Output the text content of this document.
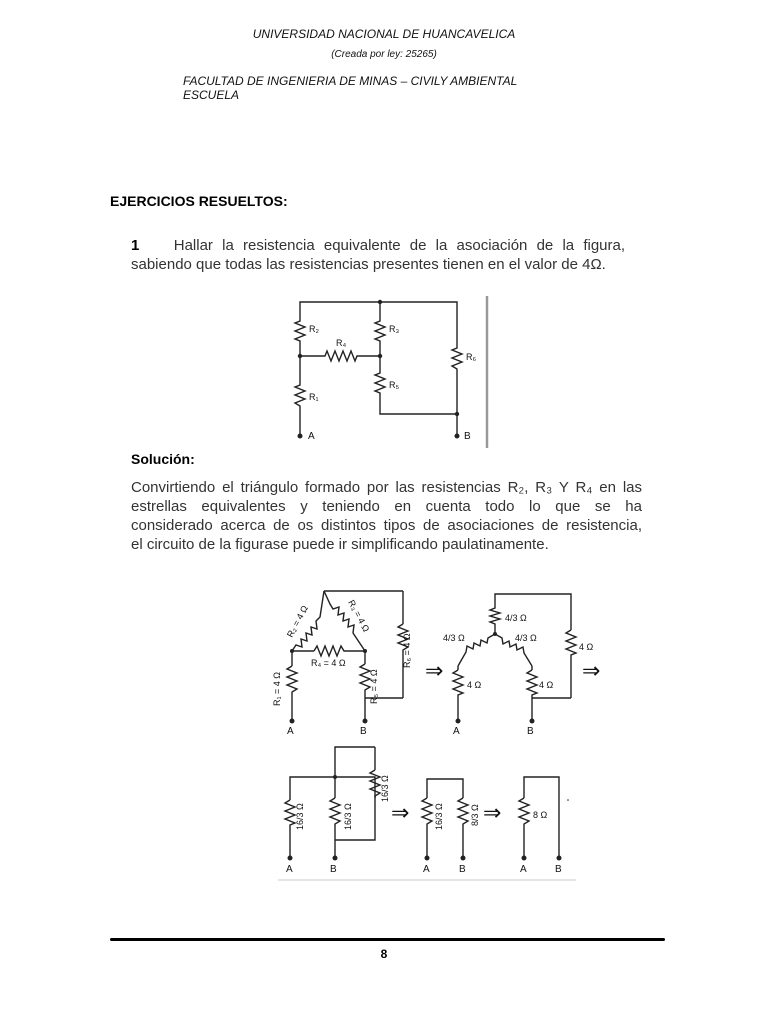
UNIVERSIDAD NACIONAL DE HUANCAVELICA
(Creada por ley: 25265)
FACULTAD DE INGENIERIA DE MINAS – CIVILY AMBIENTAL
ESCUELA
EJERCICIOS RESUELTOS:
1 Hallar la resistencia equivalente de la asociación de la figura,
sabiendo que todas las resistencias presentes tienen en el valor de 4Ω.
R₂	R₃
R₄
R₁
R₅
R₆
A	B
Solución:
Convirtiendo el triángulo formado por las resistencias R₂, R₃ Y R₄ en las
estrellas equivalentes y teniendo en cuenta todo lo que se ha
considerado acerca de os distintos tipos de asociaciones de resistencia,
el circuito de la figurase puede ir simplificando paulatinamente.
R₂ = 4 Ω	R₃ = 4 Ω
R₄ = 4 Ω	R₆ = 4 Ω
R₁ = 4 Ω	R₅ = 4 Ω
A	B
⇒
4/3 Ω
4/3 Ω	4/3 Ω
4 Ω
4 Ω	4 Ω
A	B
⇒
16/3 Ω	16/3 Ω
16/3 Ω
A	B
⇒	16/3 Ω	8/3 Ω
A	B
⇒	8 Ω
A	B
8
